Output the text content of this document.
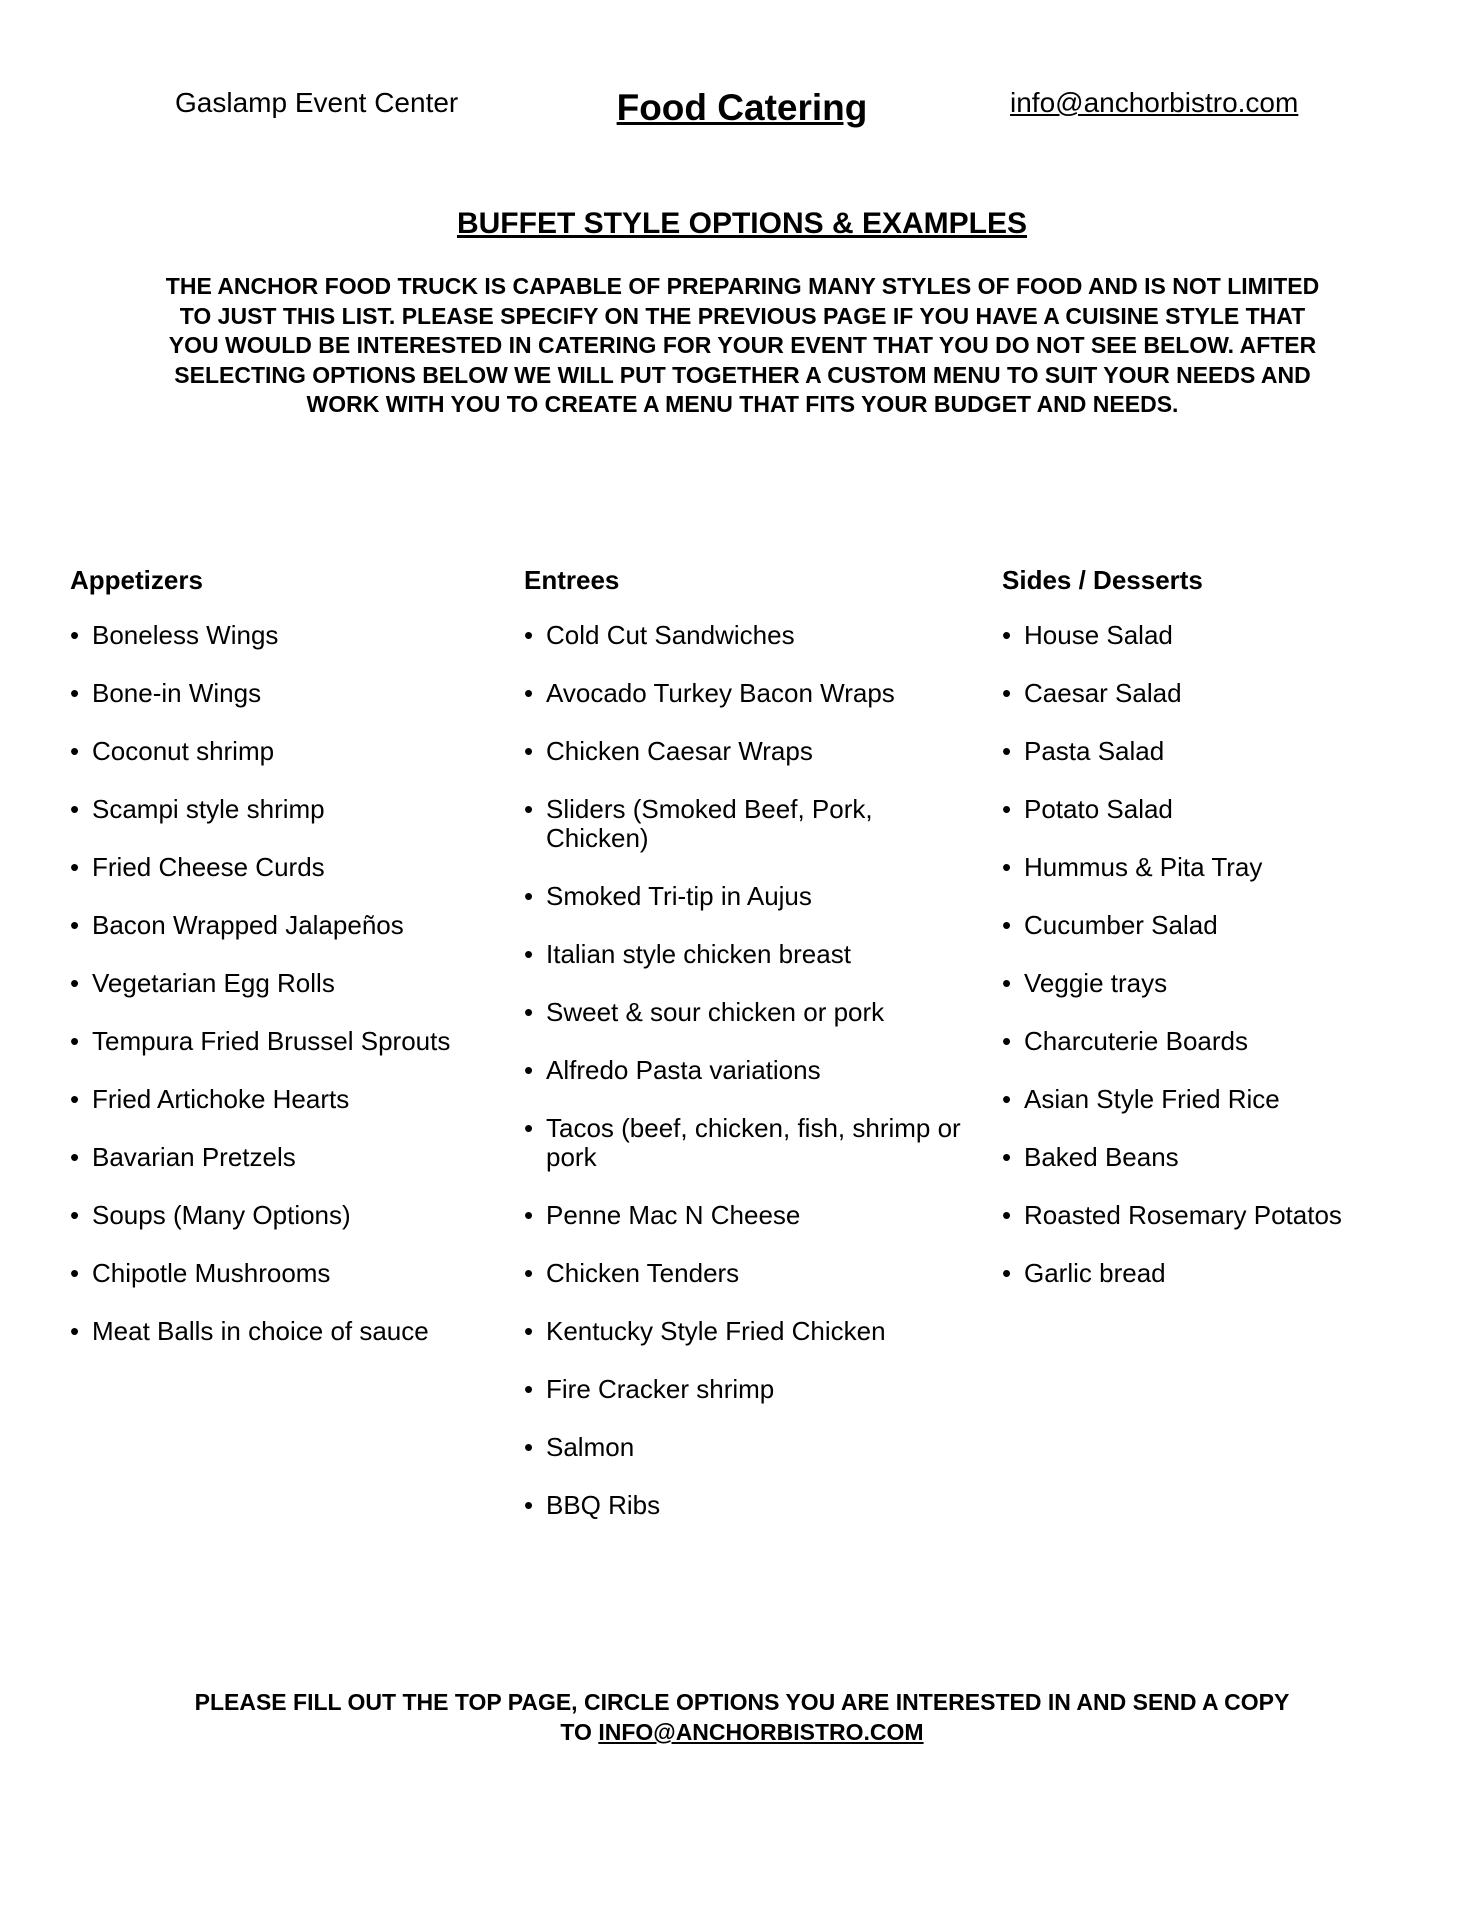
Gaslamp Event Center	Food Catering	info@anchorbistro.com
BUFFET STYLE OPTIONS & EXAMPLES
THE ANCHOR FOOD TRUCK IS CAPABLE OF PREPARING MANY STYLES OF FOOD AND IS NOT LIMITED TO JUST THIS LIST. PLEASE SPECIFY ON THE PREVIOUS PAGE IF YOU HAVE A CUISINE STYLE THAT YOU WOULD BE INTERESTED IN CATERING FOR YOUR EVENT THAT YOU DO NOT SEE BELOW. AFTER SELECTING OPTIONS BELOW WE WILL PUT TOGETHER A CUSTOM MENU TO SUIT YOUR NEEDS AND WORK WITH YOU TO CREATE A MENU THAT FITS YOUR BUDGET AND NEEDS.
Appetizers
• Boneless Wings
• Bone-in Wings
• Coconut shrimp
• Scampi style shrimp
• Fried Cheese Curds
• Bacon Wrapped Jalapeños
• Vegetarian Egg Rolls
• Tempura Fried Brussel Sprouts
• Fried Artichoke Hearts
• Bavarian Pretzels
• Soups (Many Options)
• Chipotle Mushrooms
• Meat Balls in choice of sauce
Entrees
• Cold Cut Sandwiches
• Avocado Turkey Bacon Wraps
• Chicken Caesar Wraps
• Sliders (Smoked Beef, Pork, Chicken)
• Smoked Tri-tip in Aujus
• Italian style chicken breast
• Sweet & sour chicken or pork
• Alfredo Pasta variations
• Tacos (beef, chicken, fish, shrimp or pork
• Penne Mac N Cheese
• Chicken Tenders
• Kentucky Style Fried Chicken
• Fire Cracker shrimp
• Salmon
• BBQ Ribs
Sides / Desserts
• House Salad
• Caesar Salad
• Pasta Salad
• Potato Salad
• Hummus & Pita Tray
• Cucumber Salad
• Veggie trays
• Charcuterie Boards
• Asian Style Fried Rice
• Baked Beans
• Roasted Rosemary Potatos
• Garlic bread
PLEASE FILL OUT THE TOP PAGE, CIRCLE OPTIONS YOU ARE INTERESTED IN AND SEND A COPY TO INFO@ANCHORBISTRO.COM
